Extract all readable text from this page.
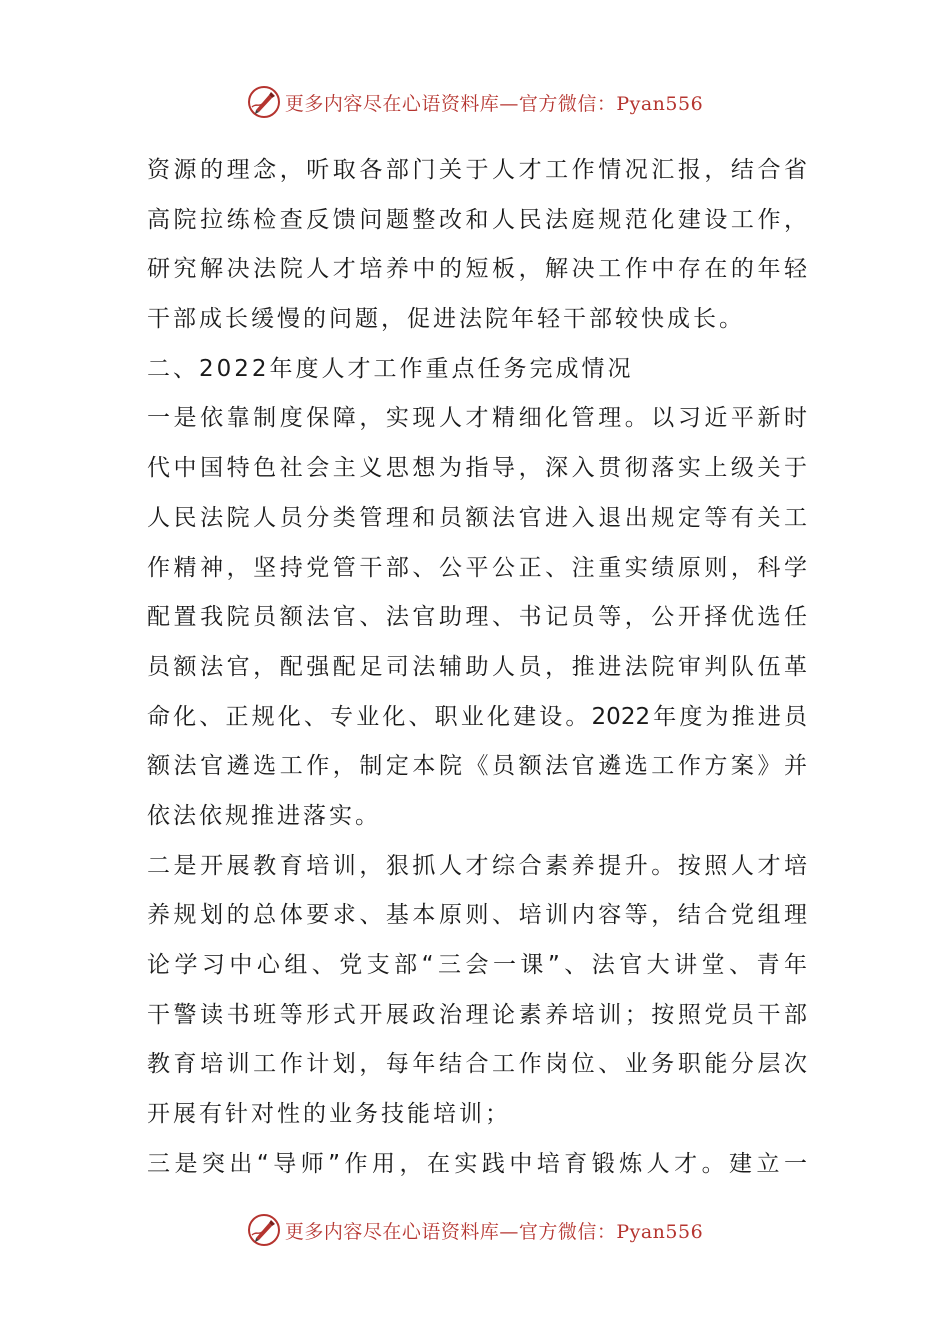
更多内容尽在心语资料库—官方微信：Pyan556
资源的理念，听取各部门关于人才工作情况汇报，结合省
高院拉练检查反馈问题整改和人民法庭规范化建设工作，
研究解决法院人才培养中的短板，解决工作中存在的年轻
干部成长缓慢的问题，促进法院年轻干部较快成长。
二、2022年度人才工作重点任务完成情况
一是依靠制度保障，实现人才精细化管理。以习近平新时
代中国特色社会主义思想为指导，深入贯彻落实上级关于
人民法院人员分类管理和员额法官进入退出规定等有关工
作精神，坚持党管干部、公平公正、注重实绩原则，科学
配置我院员额法官、法官助理、书记员等，公开择优选任
员额法官，配强配足司法辅助人员，推进法院审判队伍革
命化、正规化、专业化、职业化建设。2022年度为推进员
额法官遴选工作，制定本院《员额法官遴选工作方案》并
依法依规推进落实。
二是开展教育培训，狠抓人才综合素养提升。按照人才培
养规划的总体要求、基本原则、培训内容等，结合党组理
论学习中心组、党支部“三会一课”、法官大讲堂、青年
干警读书班等形式开展政治理论素养培训；按照党员干部
教育培训工作计划，每年结合工作岗位、业务职能分层次
开展有针对性的业务技能培训；
三是突出“导师”作用，在实践中培育锻炼人才。建立一
更多内容尽在心语资料库—官方微信：Pyan556
